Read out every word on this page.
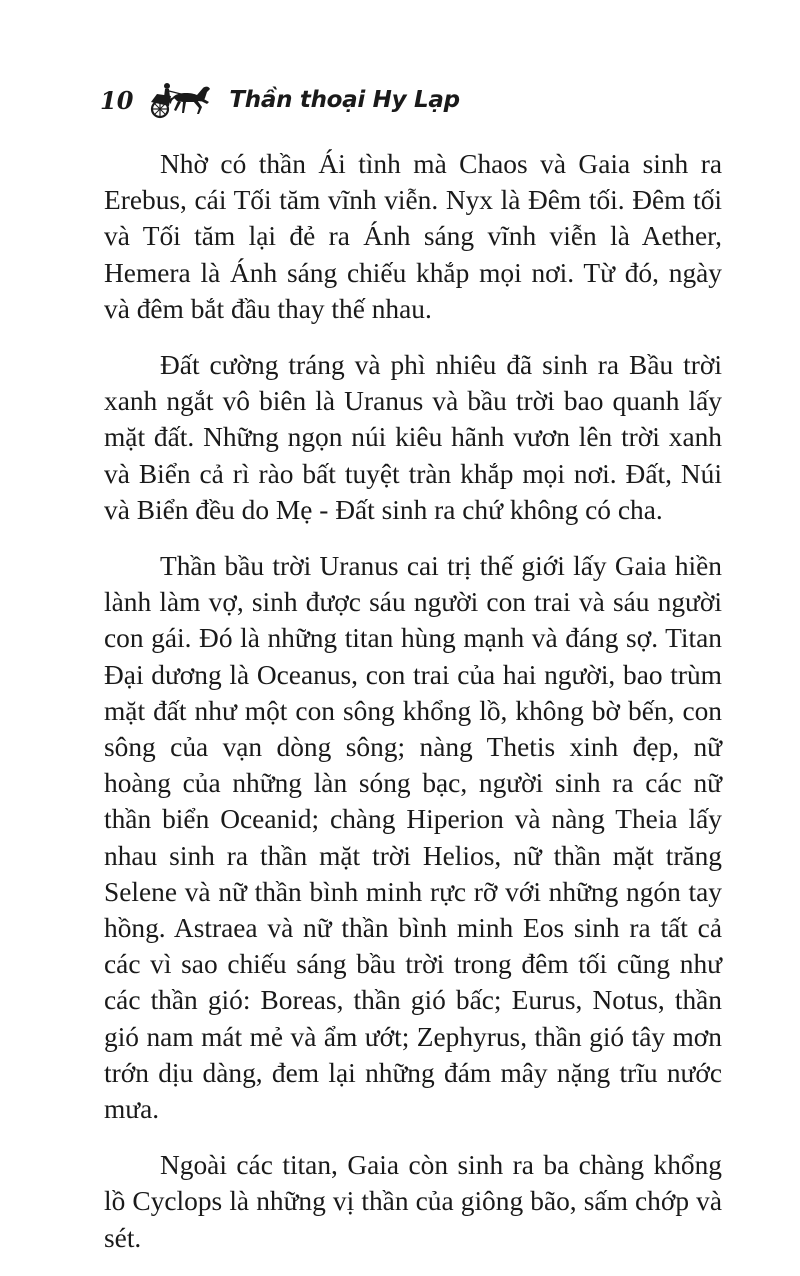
10	Thần thoại Hy Lạp

Nhờ có thần Ái tình mà Chaos và Gaia sinh ra Erebus, cái Tối tăm vĩnh viễn. Nyx là Đêm tối. Đêm tối và Tối tăm lại đẻ ra Ánh sáng vĩnh viễn là Aether, Hemera là Ánh sáng chiếu khắp mọi nơi. Từ đó, ngày và đêm bắt đầu thay thế nhau.

Đất cường tráng và phì nhiêu đã sinh ra Bầu trời xanh ngắt vô biên là Uranus và bầu trời bao quanh lấy mặt đất. Những ngọn núi kiêu hãnh vươn lên trời xanh và Biển cả rì rào bất tuyệt tràn khắp mọi nơi. Đất, Núi và Biển đều do Mẹ - Đất sinh ra chứ không có cha.

Thần bầu trời Uranus cai trị thế giới lấy Gaia hiền lành làm vợ, sinh được sáu người con trai và sáu người con gái. Đó là những titan hùng mạnh và đáng sợ. Titan Đại dương là Oceanus, con trai của hai người, bao trùm mặt đất như một con sông khổng lồ, không bờ bến, con sông của vạn dòng sông; nàng Thetis xinh đẹp, nữ hoàng của những làn sóng bạc, người sinh ra các nữ thần biển Oceanid; chàng Hiperion và nàng Theia lấy nhau sinh ra thần mặt trời Helios, nữ thần mặt trăng Selene và nữ thần bình minh rực rỡ với những ngón tay hồng. Astraea và nữ thần bình minh Eos sinh ra tất cả các vì sao chiếu sáng bầu trời trong đêm tối cũng như các thần gió: Boreas, thần gió bấc; Eurus, Notus, thần gió nam mát mẻ và ẩm ướt; Zephyrus, thần gió tây mơn trớn dịu dàng, đem lại những đám mây nặng trĩu nước mưa.

Ngoài các titan, Gaia còn sinh ra ba chàng khổng lồ Cyclops là những vị thần của giông bão, sấm chớp và sét.
